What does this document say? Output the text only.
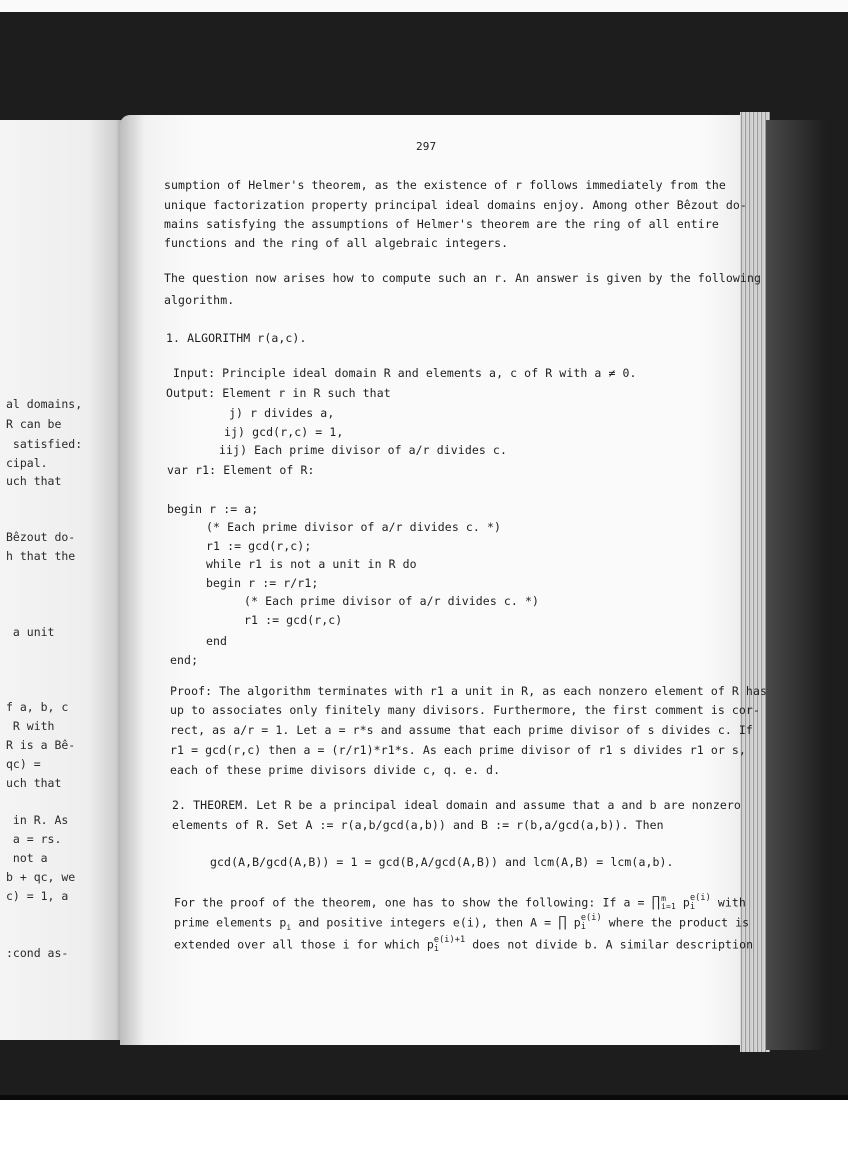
al domains,
R can be
satisfied:
cipal.
uch that
Bêzout do-
h that the
a unit
f a, b, c
R with
R is a Bê-
qc) =
uch that
in R. As
a = rs.
not a
b + qc, we
c) = 1, a
:cond as-
297
sumption of Helmer's theorem, as the existence of r follows immediately from the
unique factorization property principal ideal domains enjoy. Among other Bêzout do-
mains satisfying the assumptions of Helmer's theorem are the ring of all entire
functions and the ring of all algebraic integers.
The question now arises how to compute such an r. An answer is given by the following
algorithm.
1. ALGORITHM r(a,c).
Input: Principle ideal domain R and elements a, c of R with a ≠ 0.
Output: Element r in R such that
j) r divides a,
ij) gcd(r,c) = 1,
iij) Each prime divisor of a/r divides c.
var r1: Element of R:
begin r := a;
(* Each prime divisor of a/r divides c. *)
r1 := gcd(r,c);
while r1 is not a unit in R do
begin r := r/r1;
(* Each prime divisor of a/r divides c. *)
r1 := gcd(r,c)
end
end;
Proof: The algorithm terminates with r1 a unit in R, as each nonzero element of R has
up to associates only finitely many divisors. Furthermore, the first comment is cor-
rect, as a/r = 1. Let a = r*s and assume that each prime divisor of s divides c. If
r1 = gcd(r,c) then a = (r/r1)*r1*s. As each prime divisor of r1 s divides r1 or s,
each of these prime divisors divide c, q. e. d.
2. THEOREM. Let R be a principal ideal domain and assume that a and b are nonzero
elements of R. Set A := r(a,b/gcd(a,b)) and B := r(b,a/gcd(a,b)). Then
gcd(A,B/gcd(A,B)) = 1 = gcd(B,A/gcd(A,B)) and lcm(A,B) = lcm(a,b).
For the proof of the theorem, one has to show the following: If a = ∏ m
i=1 p e(i)
i	with
prime elements $p_i$ and positive integers e(i), then A = ∏ p e(i)
i	where the product is
extended over all those i for which p e(i)+1
i	does not divide b. A similar description
